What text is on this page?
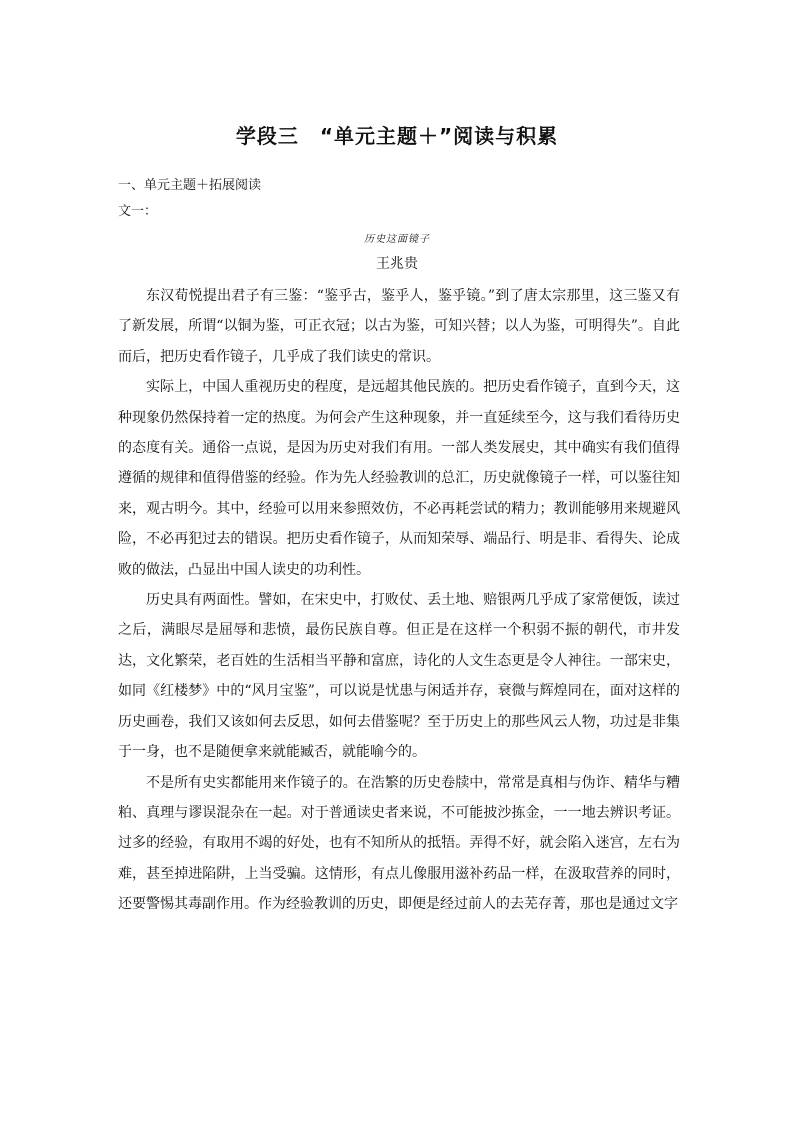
学段三　“单元主题＋”阅读与积累
一、单元主题＋拓展阅读
文一：
历史这面镜子
王兆贵

东汉荀悦提出君子有三鉴：“鉴乎古，鉴乎人，鉴乎镜。”到了唐太宗那里，这三鉴又有了新发展，所谓“以铜为鉴，可正衣冠；以古为鉴，可知兴替；以人为鉴，可明得失”。自此而后，把历史看作镜子，几乎成了我们读史的常识。

实际上，中国人重视历史的程度，是远超其他民族的。把历史看作镜子，直到今天，这种现象仍然保持着一定的热度。为何会产生这种现象，并一直延续至今，这与我们看待历史的态度有关。通俗一点说，是因为历史对我们有用。一部人类发展史，其中确实有我们值得遵循的规律和值得借鉴的经验。作为先人经验教训的总汇，历史就像镜子一样，可以鉴往知来，观古明今。其中，经验可以用来参照效仿，不必再耗尝试的精力；教训能够用来规避风险，不必再犯过去的错误。把历史看作镜子，从而知荣辱、端品行、明是非、看得失、论成败的做法，凸显出中国人读史的功利性。

历史具有两面性。譬如，在宋史中，打败仗、丢土地、赔银两几乎成了家常便饭，读过之后，满眼尽是屈辱和悲愤，最伤民族自尊。但正是在这样一个积弱不振的朝代，市井发达，文化繁荣，老百姓的生活相当平静和富庶，诗化的人文生态更是令人神往。一部宋史，如同《红楼梦》中的“风月宝鉴”，可以说是忧患与闲适并存，衰微与辉煌同在，面对这样的历史画卷，我们又该如何去反思，如何去借鉴呢？至于历史上的那些风云人物，功过是非集于一身，也不是随便拿来就能臧否，就能喻今的。

不是所有史实都能用来作镜子的。在浩繁的历史卷牍中，常常是真相与伪诈、精华与糟粕、真理与谬误混杂在一起。对于普通读史者来说，不可能披沙拣金，一一地去辨识考证。过多的经验，有取用不竭的好处，也有不知所从的抵牾。弄得不好，就会陷入迷宫，左右为难，甚至掉进陷阱，上当受骗。这情形，有点儿像服用滋补药品一样，在汲取营养的同时，还要警惕其毒副作用。作为经验教训的历史，即便是经过前人的去芜存菁，那也是通过文字
